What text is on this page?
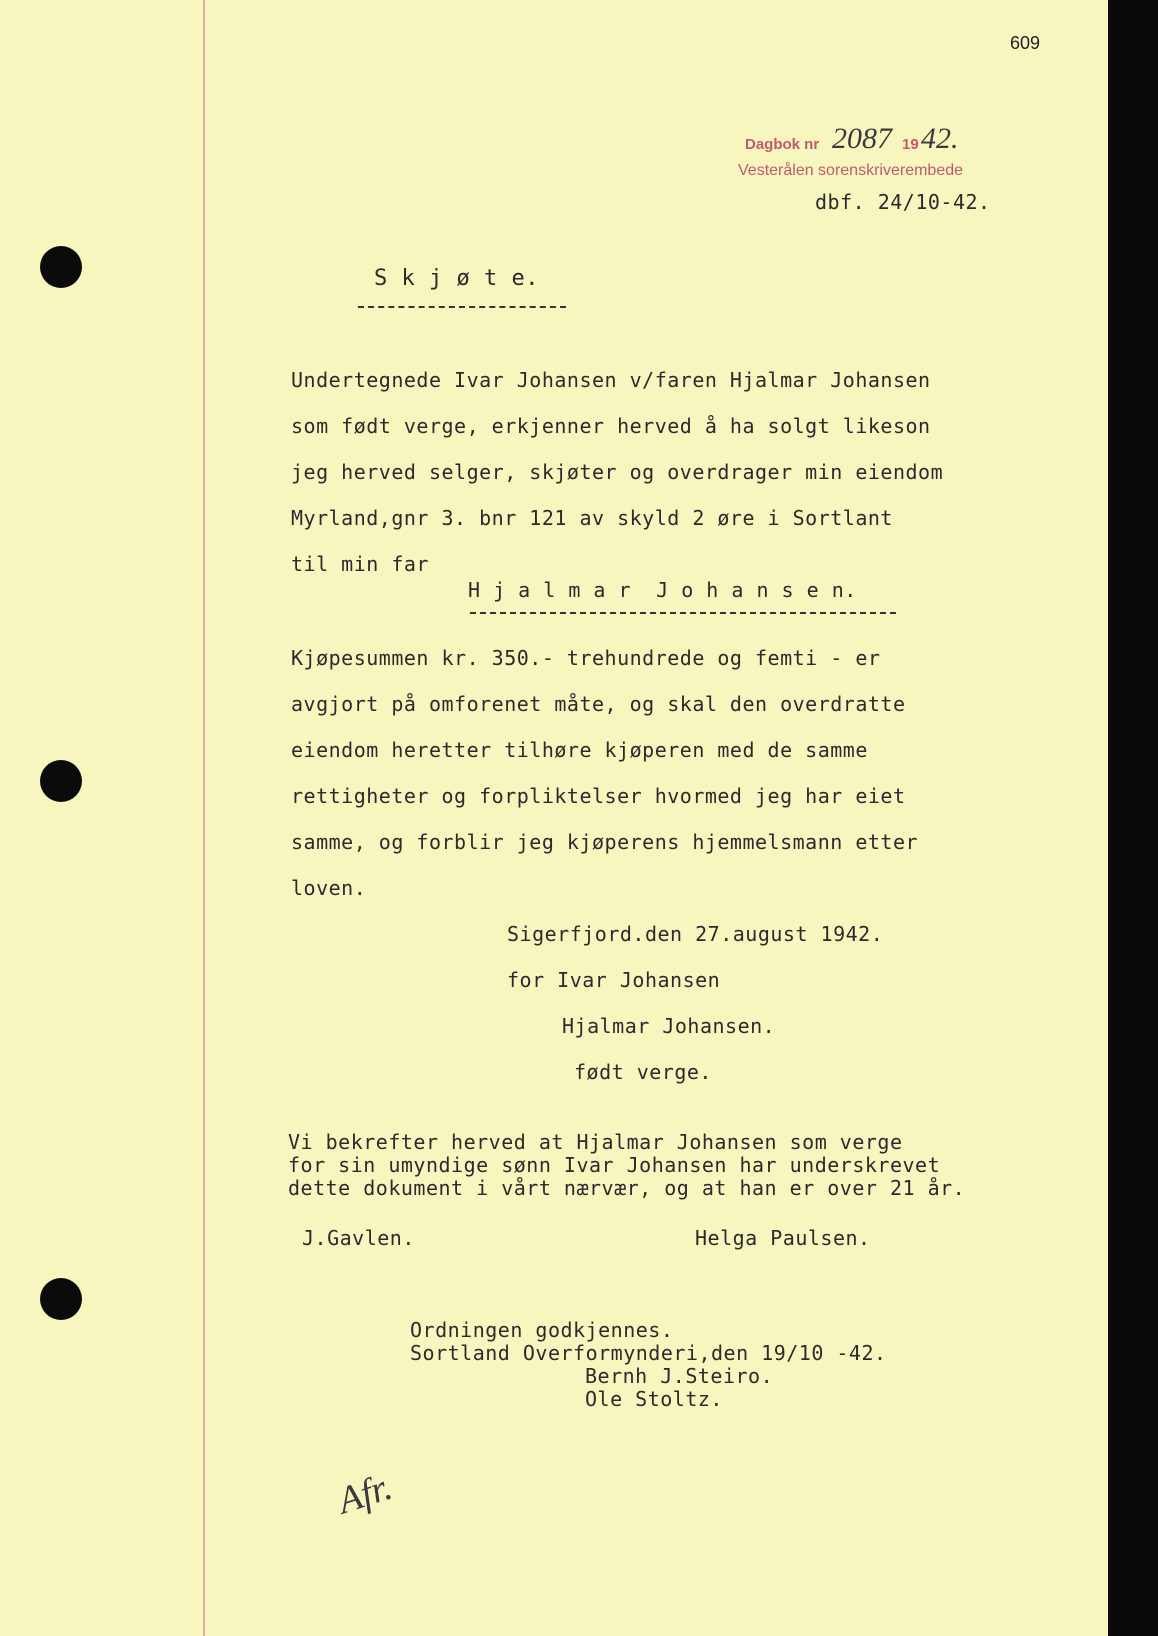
609
Dagbok nr 2087 19 42.
Vesterålen sorenskriverembede
dbf. 24/10-42.
S k j ø t e.
Undertegnede Ivar Johansen v/faren Hjalmar Johansen
som født verge, erkjenner herved å ha solgt likeson
jeg herved selger, skjøter og overdrager min eiendom
Myrland,gnr 3. bnr 121 av skyld 2 øre i Sortlant
til min far
H j a l m a r  J o h a n s e n.
Kjøpesummen kr. 350.- trehundrede og femti - er
avgjort på omforenet måte, og skal den overdratte
eiendom heretter tilhøre kjøperen med de samme
rettigheter og forpliktelser hvormed jeg har eiet
samme, og forblir jeg kjøperens hjemmelsmann etter
loven.
Sigerfjord.den 27.august 1942.
for Ivar Johansen
Hjalmar Johansen.
født verge.
Vi bekrefter herved at Hjalmar Johansen som verge
for sin umyndige sønn Ivar Johansen har underskrevet
dette dokument i vårt nærvær, og at han er over 21 år.
J.Gavlen.	Helga Paulsen.
Ordningen godkjennes.
Sortland Overformynderi,den 19/10 -42.
Bernh J.Steiro.
Ole Stoltz.
Afr.
